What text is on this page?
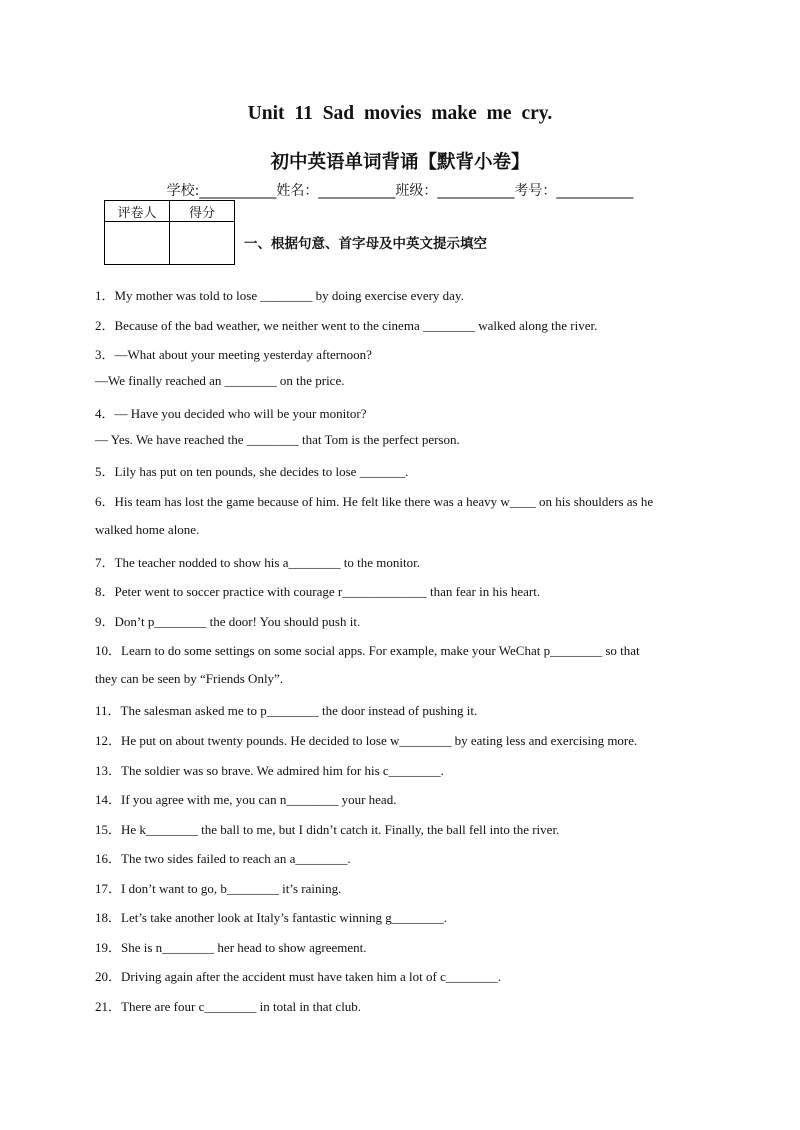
Unit 11 Sad movies make me cry.
初中英语单词背诵【默背小卷】
学校:___________姓名：___________班级：___________考号：___________
评卷人	得分

一、根据句意、首字母及中英文提示填空
1．My mother was told to lose ________ by doing exercise every day.
2．Because of the bad weather, we neither went to the cinema ________ walked along the river.
3．—What about your meeting yesterday afternoon?
—We finally reached an ________ on the price.
4．— Have you decided who will be your monitor?
— Yes. We have reached the ________ that Tom is the perfect person.
5．Lily has put on ten pounds, she decides to lose _______.
6．His team has lost the game because of him. He felt like there was a heavy w____ on his shoulders as he
walked home alone.
7．The teacher nodded to show his a________ to the monitor.
8．Peter went to soccer practice with courage r_____________ than fear in his heart.
9．Don’t p________ the door! You should push it.
10．Learn to do some settings on some social apps. For example, make your WeChat p________ so that
they can be seen by “Friends Only”.
11．The salesman asked me to p________ the door instead of pushing it.
12．He put on about twenty pounds. He decided to lose w________ by eating less and exercising more.
13．The soldier was so brave. We admired him for his c________.
14．If you agree with me, you can n________ your head.
15．He k________ the ball to me, but I didn’t catch it. Finally, the ball fell into the river.
16．The two sides failed to reach an a________.
17．I don’t want to go, b________ it’s raining.
18．Let’s take another look at Italy’s fantastic winning g________.
19．She is n________ her head to show agreement.
20．Driving again after the accident must have taken him a lot of c________.
21．There are four c________ in total in that club.
